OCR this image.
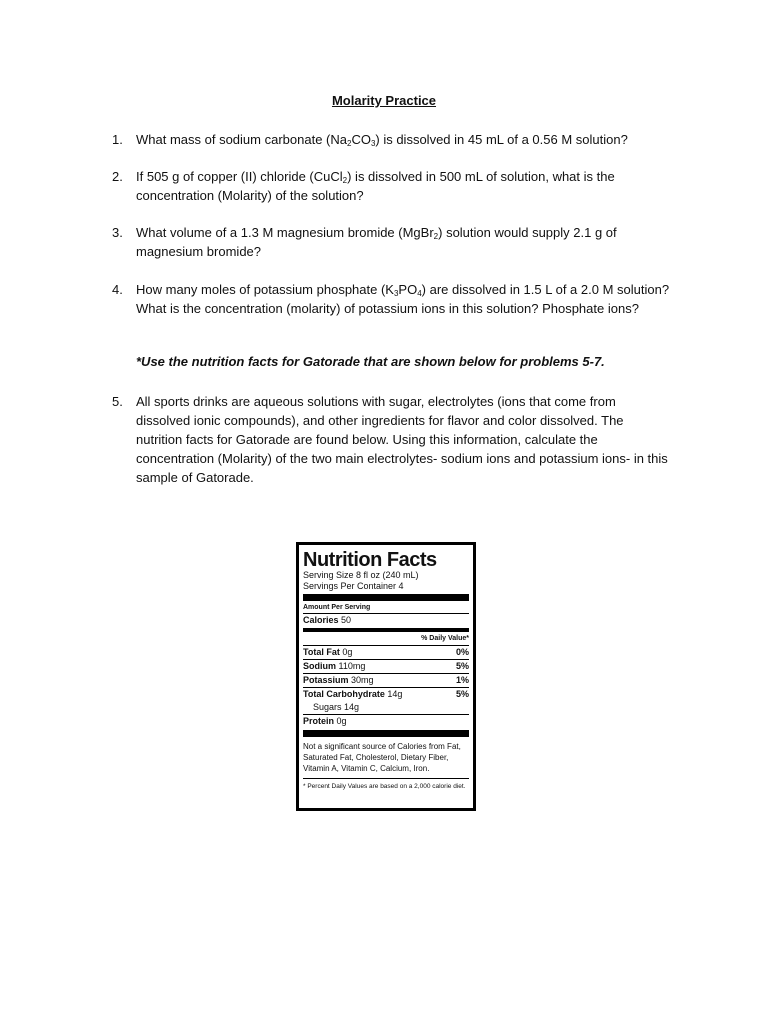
Molarity Practice
1. What mass of sodium carbonate $(Na_2CO_3)$ is dissolved in 45 mL of a 0.56 M solution?
2. If 505 g of copper (II) chloride (CuCl$_2$) is dissolved in 500 mL of solution, what is the concentration (Molarity) of the solution?
3. What volume of a 1.3 M magnesium bromide (MgBr$_2$) solution would supply 2.1 g of magnesium bromide?
4. How many moles of potassium phosphate $(K_3PO_4)$ are dissolved in 1.5 L of a 2.0 M solution? What is the concentration (molarity) of potassium ions in this solution? Phosphate ions?
*Use the nutrition facts for Gatorade that are shown below for problems 5-7.
5. All sports drinks are aqueous solutions with sugar, electrolytes (ions that come from dissolved ionic compounds), and other ingredients for flavor and color dissolved. The nutrition facts for Gatorade are found below. Using this information, calculate the concentration (Molarity) of the two main electrolytes- sodium ions and potassium ions- in this sample of Gatorade.
Nutrition Facts
Serving Size 8 fl oz (240 mL)
Servings Per Container 4
Amount Per Serving
Calories 50
% Daily Value*
Total Fat 0g	0%
Sodium 110mg	5%
Potassium 30mg	1%
Total Carbohydrate 14g	5%
Sugars 14g
Protein 0g
Not a significant source of Calories from Fat, Saturated Fat, Cholesterol, Dietary Fiber, Vitamin A, Vitamin C, Calcium, Iron.
* Percent Daily Values are based on a 2,000 calorie diet.
